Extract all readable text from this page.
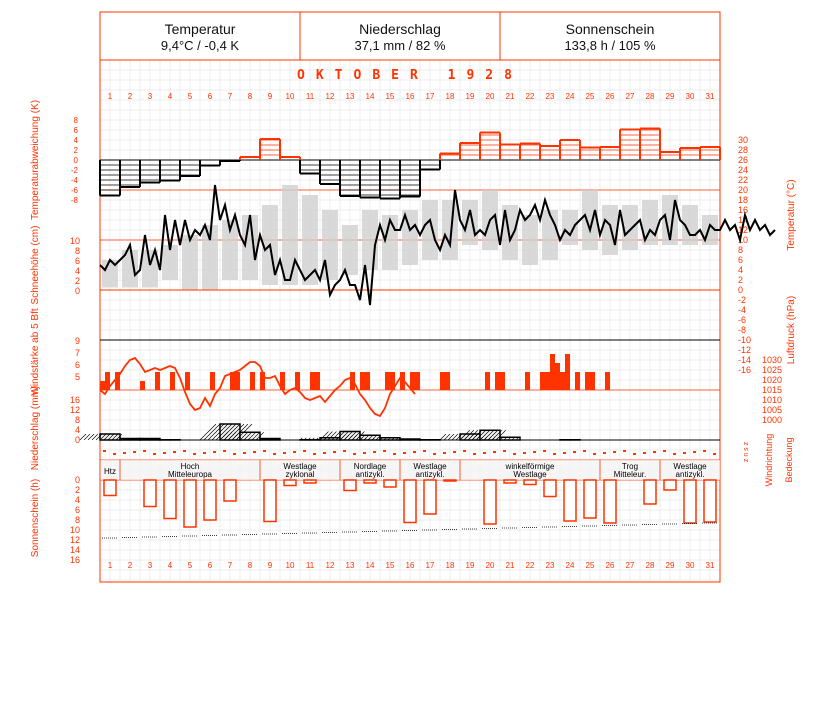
1
1
2
2
3
3
4
4
5
5
6
6
7
7
8
8
9
9
10
10
11
11
12
12
13
13
14
14
15
15
16
16
17
17
18
18
19
19
20
20
21
21
22
22
23
23
24
24
25
25
26
26
27
27
28
28
29
29
30
30
31
31
-8
-6
-4
-2
0
2
4
6
8
-16
-14
-12
-10
-8
-6
-4
-2
0
2
4
6
8
10
12
14
16
18
20
22
24
26
28
30
10
8
6
4
2
0
1000
1005
1010
1015
1020
1025
1030
9
7
6
5
0
4
8
12
16
z n s z
Htz
Hoch
Mitteleuropa
Westlage
zyklonal
Nordlage
antizykl.
Westlage
antizykl.
winkelförmige
Westlage
Trog
Mitteleur.
Westlage
antizykl.
0
2
4
6
8
10
12
14
16
Temperaturabweichung (K)
Schneehöhe (cm)
Windstärke ab 5 Bft
Niederschlag (mm)
Sonnenschein (h)
Temperatur (°C)
Luftdruck (hPa)
Windrichtung Bedeckung
Temperatur
9,4°C / -0,4 K
Niederschlag
37,1 mm / 82 %
Sonnenschein
133,8 h / 105 %
OKTOBER 1928
